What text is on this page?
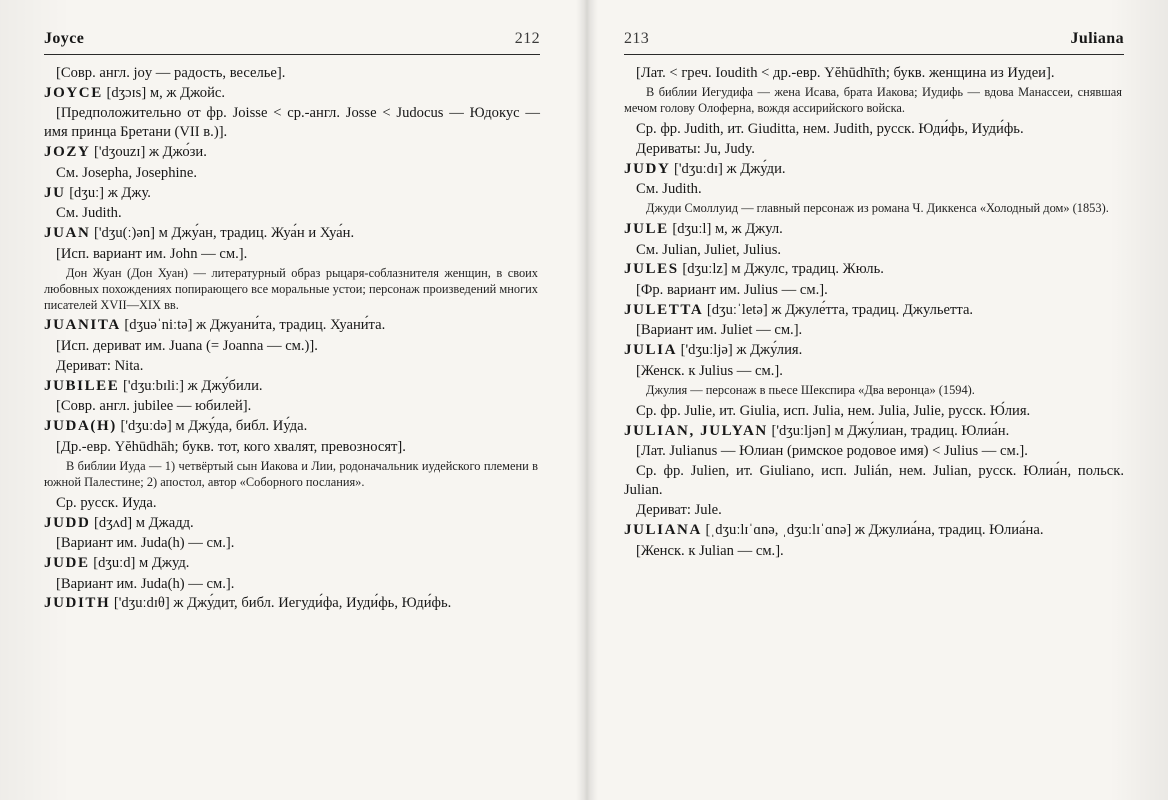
Joyce	212

[Совр. англ. joy — радость, веселье].

JOYCE [dʒɔɪs] м, ж Джойс.

[Предположительно от фр. Joisse < ср.-англ. Josse < Judocus — Юдокус — имя принца Бретани (VII в.)].

JOZY ['dʒouzɪ] ж Джо́зи.

См. Josepha, Josephine.

JU [dʒuː] ж Джу.

См. Judith.

JUAN ['dʒu(ː)ən] м Джу́ан, традиц. Жуа́н и Хуа́н.

[Исп. вариант им. John — см.].

Дон Жуан (Дон Хуан) — литературный образ рыцаря-соблазнителя женщин, в своих любовных похождениях попирающего все моральные устои; персонаж произведений многих писателей XVII—XIX вв.

JUANITA [dʒuəˈniːtə] ж Джуани́та, традиц. Хуани́та.

[Исп. дериват им. Juana (= Joanna — см.)].

Дериват: Nita.

JUBILEE ['dʒuːbɪliː] ж Джу́били.

[Совр. англ. jubilee — юбилей].

JUDA(H) ['dʒuːdə] м Джу́да, библ. Иу́да.

[Др.-евр. Yĕhūdhāh; букв. тот, кого хвалят, превозносят].

В библии Иуда — 1) четвёртый сын Иакова и Лии, родоначальник иудейского племени в южной Палестине; 2) апостол, автор «Соборного послания».

Ср. русск. Иуда.

JUDD [dʒʌd] м Джадд.

[Вариант им. Juda(h) — см.].

JUDE [dʒuːd] м Джуд.

[Вариант им. Juda(h) — см.].

JUDITH ['dʒuːdɪθ] ж Джу́дит, библ. Иегуди́фа, Иуди́фь, Юди́фь.

213	Juliana

[Лат. < греч. Ioudith < др.-евр. Yĕhūdhīth; букв. женщина из Иудеи].

В библии Иегудифа — жена Исава, брата Иакова; Иудифь — вдова Манассеи, снявшая мечом голову Олоферна, вождя ассирийского войска.

Ср. фр. Judith, ит. Giuditta, нем. Judith, русск. Юди́фь, Иуди́фь.

Дериваты: Ju, Judy.

JUDY ['dʒuːdɪ] ж Джу́ди.

См. Judith.

Джуди Смоллуид — главный персонаж из романа Ч. Диккенса «Холодный дом» (1853).

JULE [dʒuːl] м, ж Джул.

См. Julian, Juliet, Julius.

JULES [dʒuːlz] м Джулс, традиц. Жюль.

[Фр. вариант им. Julius — см.].

JULETTA [dʒuːˈletə] ж Джуле́тта, традиц. Джульетта.

[Вариант им. Juliet — см.].

JULIA ['dʒuːljə] ж Джу́лия.

[Женск. к Julius — см.].

Джулия — персонаж в пьесе Шекспира «Два веронца» (1594).

Ср. фр. Julie, ит. Giulia, исп. Julia, нем. Julia, Julie, русск. Ю́лия.

JULIAN, JULYAN ['dʒuːljən] м Джу́лиан, традиц. Юлиа́н.

[Лат. Julianus — Юлиан (римское родовое имя) < Julius — см.].

Ср. фр. Julien, ит. Giuliano, исп. Julián, нем. Julian, русск. Юлиа́н, польск. Julian.

Дериват: Jule.

JULIANA [ˌdʒuːlɪˈɑnə, ˌdʒuːlɪˈɑnə] ж Джулиа́на, традиц. Юлиа́на.

[Женск. к Julian — см.].
